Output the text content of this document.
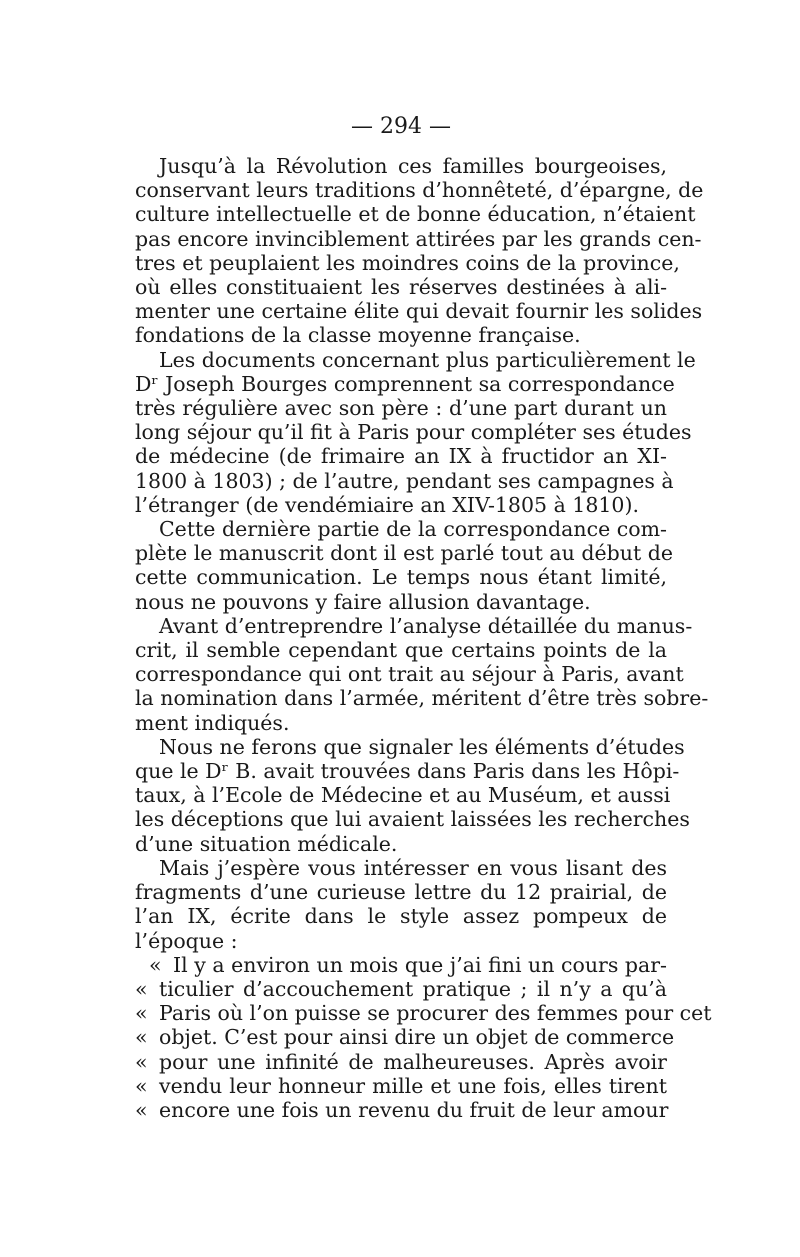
— 294 —
Jusqu’à la Révolution ces familles bourgeoises,
conservant leurs traditions d’honnêteté, d’épargne, de
culture intellectuelle et de bonne éducation, n’étaient
pas encore invinciblement attirées par les grands cen-
tres et peuplaient les moindres coins de la province,
où elles constituaient les réserves destinées à ali-
menter une certaine élite qui devait fournir les solides
fondations de la classe moyenne française.
Les documents concernant plus particulièrement le
Dʳ Joseph Bourges comprennent sa correspondance
très régulière avec son père : d’une part durant un
long séjour qu’il fit à Paris pour compléter ses études
de médecine (de frimaire an IX à fructidor an XI-
1800 à 1803) ; de l’autre, pendant ses campagnes à
l’étranger (de vendémiaire an XIV-1805 à 1810).
Cette dernière partie de la correspondance com-
plète le manuscrit dont il est parlé tout au début de
cette communication. Le temps nous étant limité,
nous ne pouvons y faire allusion davantage.
Avant d’entreprendre l’analyse détaillée du manus-
crit, il semble cependant que certains points de la
correspondance qui ont trait au séjour à Paris, avant
la nomination dans l’armée, méritent d’être très sobre-
ment indiqués.
Nous ne ferons que signaler les éléments d’études
que le Dʳ B. avait trouvées dans Paris dans les Hôpi-
taux, à l’Ecole de Médecine et au Muséum, et aussi
les déceptions que lui avaient laissées les recherches
d’une situation médicale.
Mais j’espère vous intéresser en vous lisant des
fragments d’une curieuse lettre du 12 prairial, de
l’an IX, écrite dans le style assez pompeux de
l’époque :
« Il y a environ un mois que j’ai fini un cours par-
« ticulier d’accouchement pratique ; il n’y a qu’à
« Paris où l’on puisse se procurer des femmes pour cet
« objet. C’est pour ainsi dire un objet de commerce
« pour une infinité de malheureuses. Après avoir
« vendu leur honneur mille et une fois, elles tirent
« encore une fois un revenu du fruit de leur amour
